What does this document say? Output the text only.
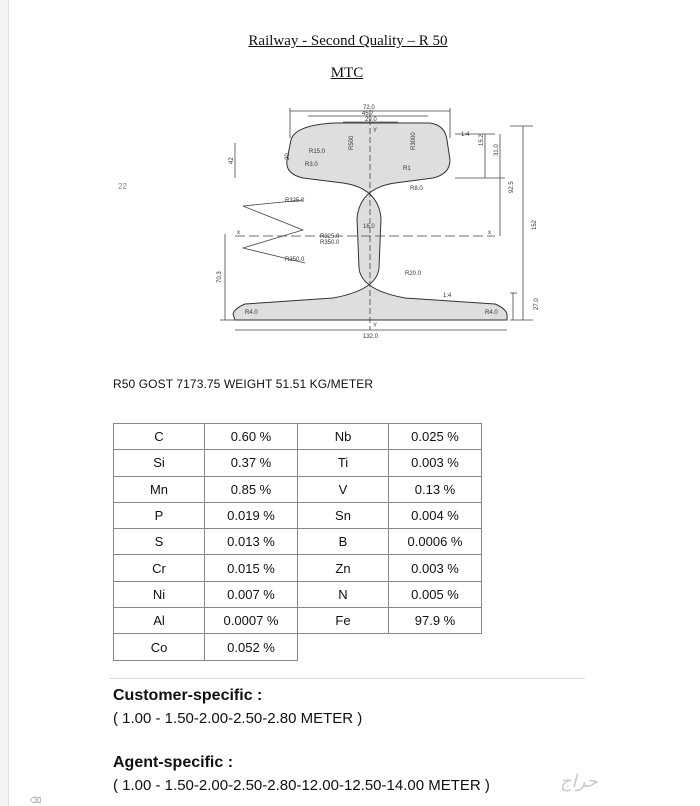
Railway - Second Quality – R 50
MTC
22
72.0
45.7
29.0
R15.0
R3.0
R500	R3000
R1
R8.0
R325.0
R325.0
R350.0
R350.0
R20.0
16.0
R4.0
R4.0
132.0
42
20
15.2
31.0
92.5
152
70.3
27.0
1:4
1:4
x	x
Y
Y
R50 GOST 7173.75 WEIGHT 51.51 KG/METER
C	0.60 %	Nb	0.025 %
Si	0.37 %	Ti	0.003 %
Mn	0.85 %	V	0.13 %
P	0.019 %	Sn	0.004 %
S	0.013 %	B	0.0006 %
Cr	0.015 %	Zn	0.003 %
Ni	0.007 %	N	0.005 %
Al	0.0007 %	Fe	97.9 %
Co	0.052 %		
Customer-specific :
( 1.00 - 1.50-2.00-2.50-2.80 METER )
Agent-specific :
( 1.00 - 1.50-2.00-2.50-2.80-12.00-12.50-14.00 METER )	حراج
⌫
